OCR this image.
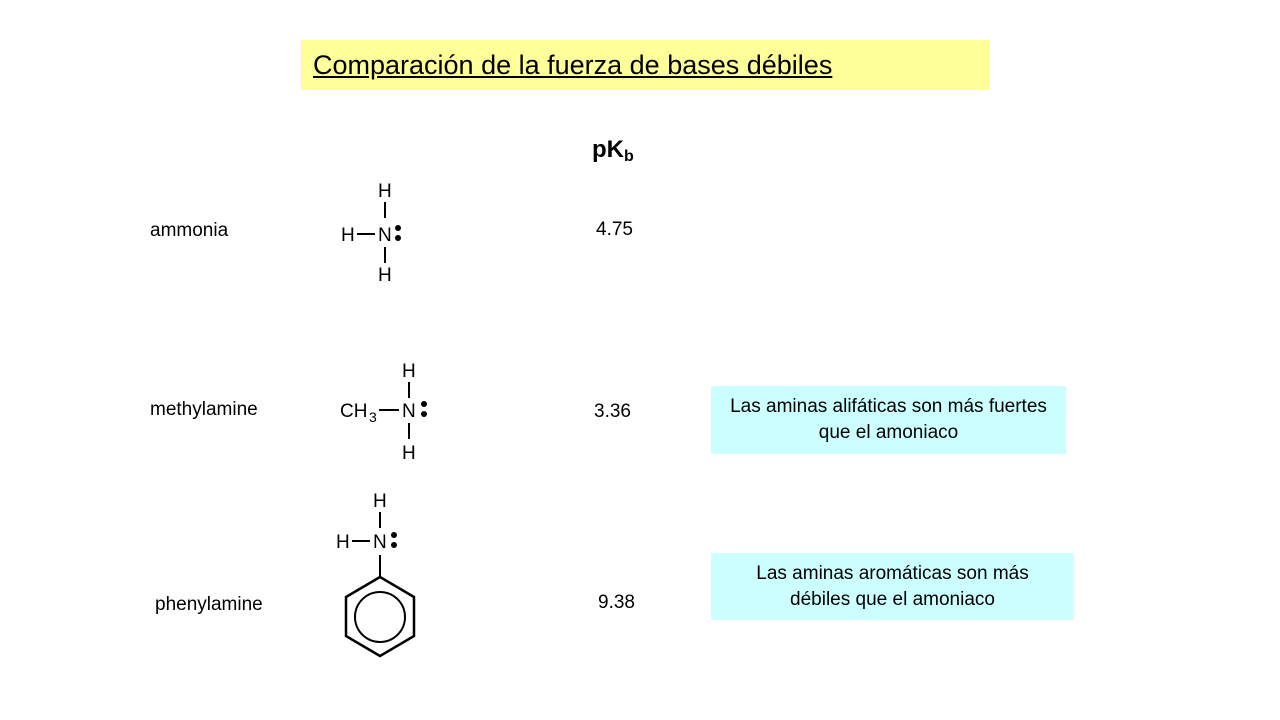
Comparación de la fuerza de bases débiles
$pK_b$
ammonia
H
H N
H
4.75
methylamine
H
CH 3 N
H
3.36
phenylamine
H
H N
9.38
Las aminas alifáticas son más fuertes que el amoniaco
Las aminas aromáticas son más débiles que el amoniaco
